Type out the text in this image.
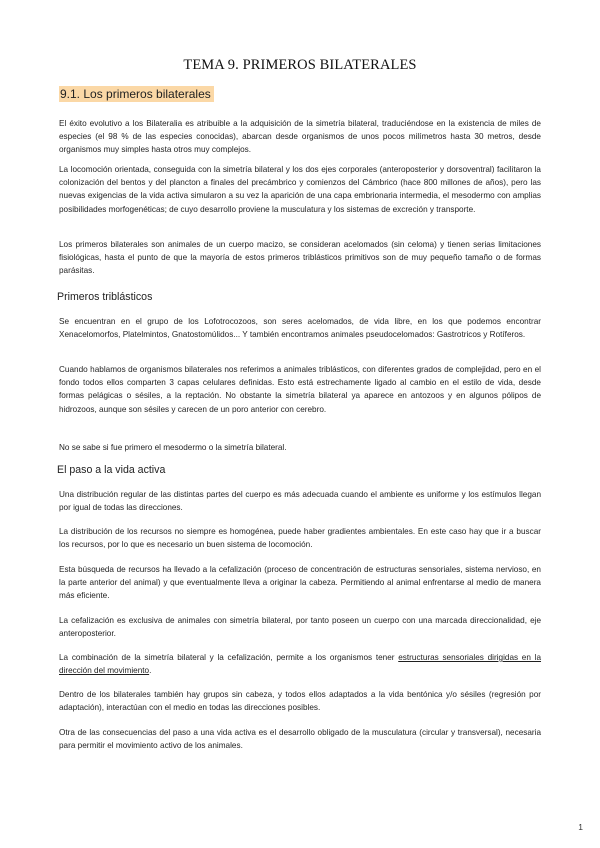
TEMA 9. PRIMEROS BILATERALES
9.1. Los primeros bilaterales

El éxito evolutivo a los Bilateralia es atribuible a la adquisición de la simetría bilateral, traduciéndose en la existencia de miles de especies (el 98 % de las especies conocidas), abarcan desde organismos de unos pocos milímetros hasta 30 metros, desde organismos muy simples hasta otros muy complejos.

La locomoción orientada, conseguida con la simetría bilateral y los dos ejes corporales (anteroposterior y dorsoventral) facilitaron la colonización del bentos y del plancton a finales del precámbrico y comienzos del Cámbrico (hace 800 millones de años), pero las nuevas exigencias de la vida activa simularon a su vez la aparición de una capa embrionaria intermedia, el mesodermo con amplias posibilidades morfogenéticas; de cuyo desarrollo proviene la musculatura y los sistemas de excreción y transporte.

Los primeros bilaterales son animales de un cuerpo macizo, se consideran acelomados (sin celoma) y tienen serias limitaciones fisiológicas, hasta el punto de que la mayoría de estos primeros triblásticos primitivos son de muy pequeño tamaño o de formas parásitas.

Primeros triblásticos

Se encuentran en el grupo de los Lofotrocozoos, son seres acelomados, de vida libre, en los que podemos encontrar Xenacelomorfos, Platelmintos, Gnatostomúlidos... Y también encontramos animales pseudocelomados: Gastrotricos y Rotíferos.

Cuando hablamos de organismos bilaterales nos referimos a animales triblásticos, con diferentes grados de complejidad, pero en el fondo todos ellos comparten 3 capas celulares definidas. Esto está estrechamente ligado al cambio en el estilo de vida, desde formas pelágicas o sésiles, a la reptación. No obstante la simetría bilateral ya aparece en antozoos y en algunos pólipos de hidrozoos, aunque son sésiles y carecen de un poro anterior con cerebro.

No se sabe si fue primero el mesodermo o la simetría bilateral.

El paso a la vida activa

Una distribución regular de las distintas partes del cuerpo es más adecuada cuando el ambiente es uniforme y los estímulos llegan por igual de todas las direcciones.

La distribución de los recursos no siempre es homogénea, puede haber gradientes ambientales. En este caso hay que ir a buscar los recursos, por lo que es necesario un buen sistema de locomoción.

Esta búsqueda de recursos ha llevado a la cefalización (proceso de concentración de estructuras sensoriales, sistema nervioso, en la parte anterior del animal) y que eventualmente lleva a originar la cabeza. Permitiendo al animal enfrentarse al medio de manera más eficiente.

La cefalización es exclusiva de animales con simetría bilateral, por tanto poseen un cuerpo con una marcada direccionalidad, eje anteroposterior.

La combinación de la simetría bilateral y la cefalización, permite a los organismos tener estructuras sensoriales dirigidas en la dirección del movimiento.

Dentro de los bilaterales también hay grupos sin cabeza, y todos ellos adaptados a la vida bentónica y/o sésiles (regresión por adaptación), interactúan con el medio en todas las direcciones posibles.

Otra de las consecuencias del paso a una vida activa es el desarrollo obligado de la musculatura (circular y transversal), necesaria para permitir el movimiento activo de los animales.

1
